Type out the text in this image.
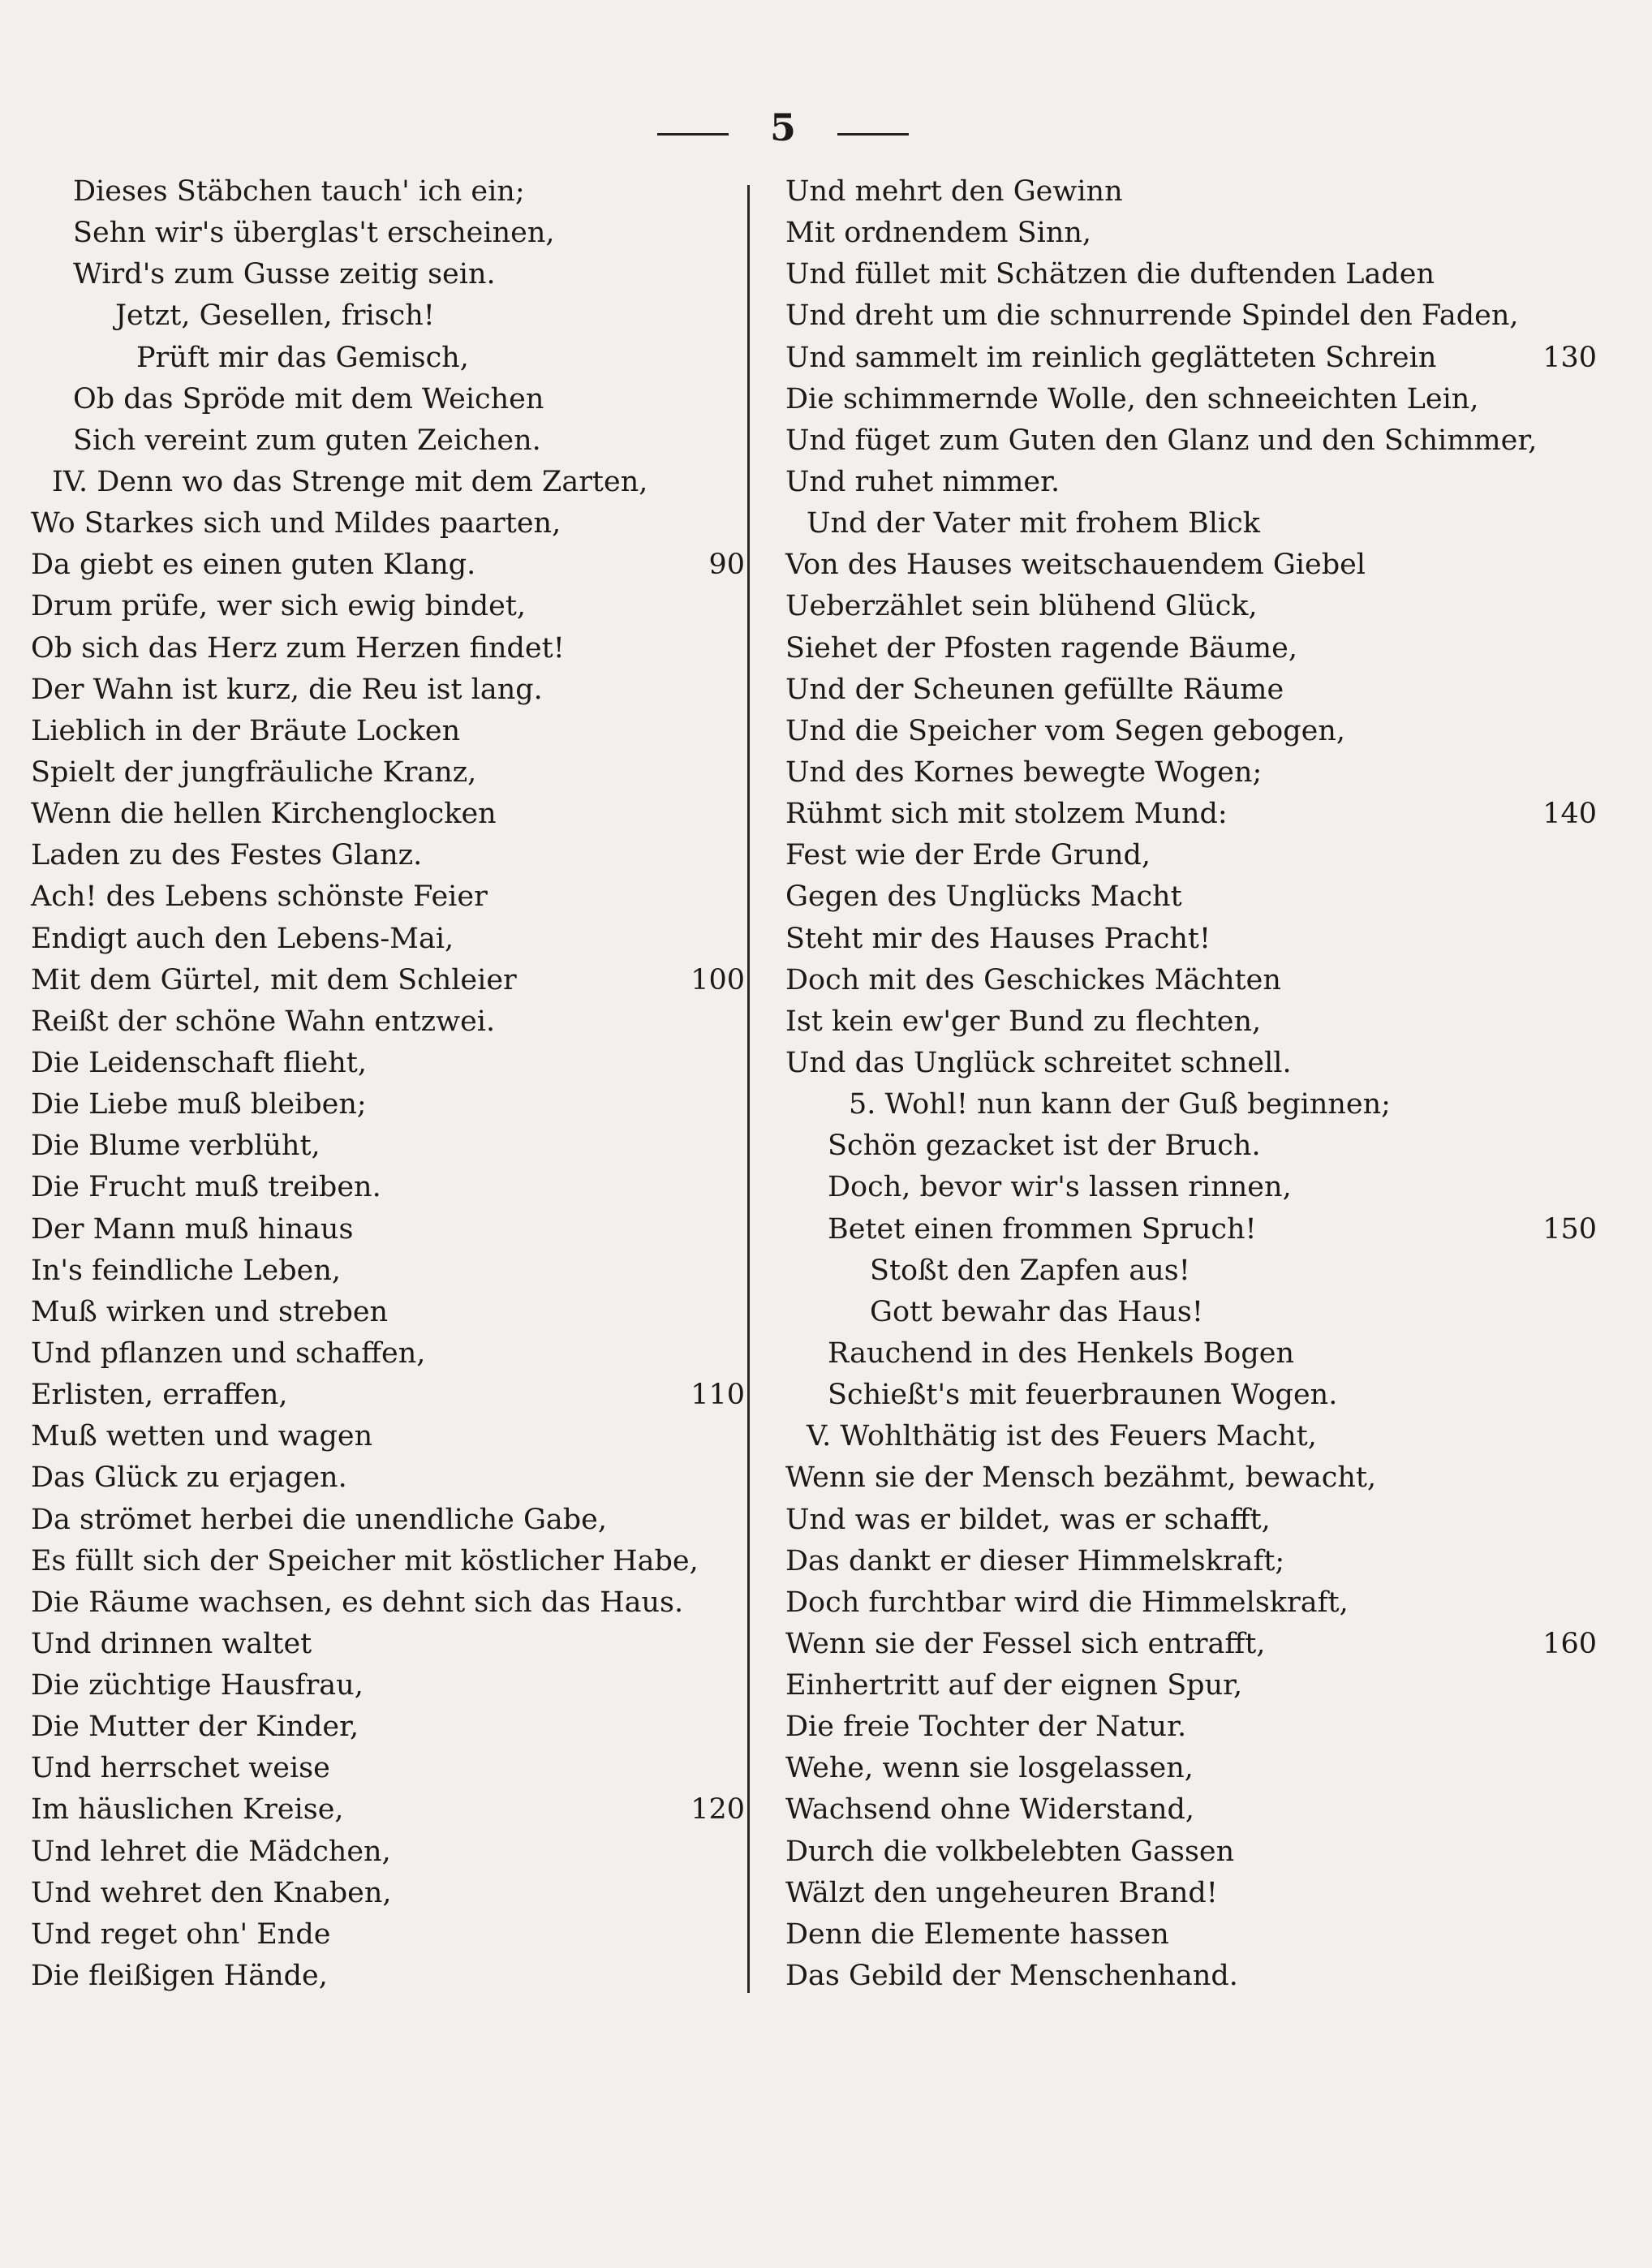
5
Dieses Stäbchen tauch' ich ein;
Sehn wir's überglas't erscheinen,
Wird's zum Gusse zeitig sein.
Jetzt, Gesellen, frisch!
Prüft mir das Gemisch,
Ob das Spröde mit dem Weichen
Sich vereint zum guten Zeichen.
IV. Denn wo das Strenge mit dem Zarten,
Wo Starkes sich und Mildes paarten,
Da giebt es einen guten Klang.	90
Drum prüfe, wer sich ewig bindet,
Ob sich das Herz zum Herzen findet!
Der Wahn ist kurz, die Reu ist lang.
Lieblich in der Bräute Locken
Spielt der jungfräuliche Kranz,
Wenn die hellen Kirchenglocken
Laden zu des Festes Glanz.
Ach! des Lebens schönste Feier
Endigt auch den Lebens-Mai,
Mit dem Gürtel, mit dem Schleier	100
Reißt der schöne Wahn entzwei.
Die Leidenschaft flieht,
Die Liebe muß bleiben;
Die Blume verblüht,
Die Frucht muß treiben.
Der Mann muß hinaus
In's feindliche Leben,
Muß wirken und streben
Und pflanzen und schaffen,
Erlisten, erraffen,	110
Muß wetten und wagen
Das Glück zu erjagen.
Da strömet herbei die unendliche Gabe,
Es füllt sich der Speicher mit köstlicher Habe,
Die Räume wachsen, es dehnt sich das Haus.
Und drinnen waltet
Die züchtige Hausfrau,
Die Mutter der Kinder,
Und herrschet weise
Im häuslichen Kreise,	120
Und lehret die Mädchen,
Und wehret den Knaben,
Und reget ohn' Ende
Die fleißigen Hände,
Und mehrt den Gewinn
Mit ordnendem Sinn,
Und füllet mit Schätzen die duftenden Laden
Und dreht um die schnurrende Spindel den Faden,
Und sammelt im reinlich geglätteten Schrein	130
Die schimmernde Wolle, den schneeichten Lein,
Und füget zum Guten den Glanz und den Schimmer,
Und ruhet nimmer.
Und der Vater mit frohem Blick
Von des Hauses weitschauendem Giebel
Ueberzählet sein blühend Glück,
Siehet der Pfosten ragende Bäume,
Und der Scheunen gefüllte Räume
Und die Speicher vom Segen gebogen,
Und des Kornes bewegte Wogen;
Rühmt sich mit stolzem Mund:	140
Fest wie der Erde Grund,
Gegen des Unglücks Macht
Steht mir des Hauses Pracht!
Doch mit des Geschickes Mächten
Ist kein ew'ger Bund zu flechten,
Und das Unglück schreitet schnell.
5. Wohl! nun kann der Guß beginnen;
Schön gezacket ist der Bruch.
Doch, bevor wir's lassen rinnen,
Betet einen frommen Spruch!	150
Stoßt den Zapfen aus!
Gott bewahr das Haus!
Rauchend in des Henkels Bogen
Schießt's mit feuerbraunen Wogen.
V. Wohlthätig ist des Feuers Macht,
Wenn sie der Mensch bezähmt, bewacht,
Und was er bildet, was er schafft,
Das dankt er dieser Himmelskraft;
Doch furchtbar wird die Himmelskraft,
Wenn sie der Fessel sich entrafft,	160
Einhertritt auf der eignen Spur,
Die freie Tochter der Natur.
Wehe, wenn sie losgelassen,
Wachsend ohne Widerstand,
Durch die volkbelebten Gassen
Wälzt den ungeheuren Brand!
Denn die Elemente hassen
Das Gebild der Menschenhand.
